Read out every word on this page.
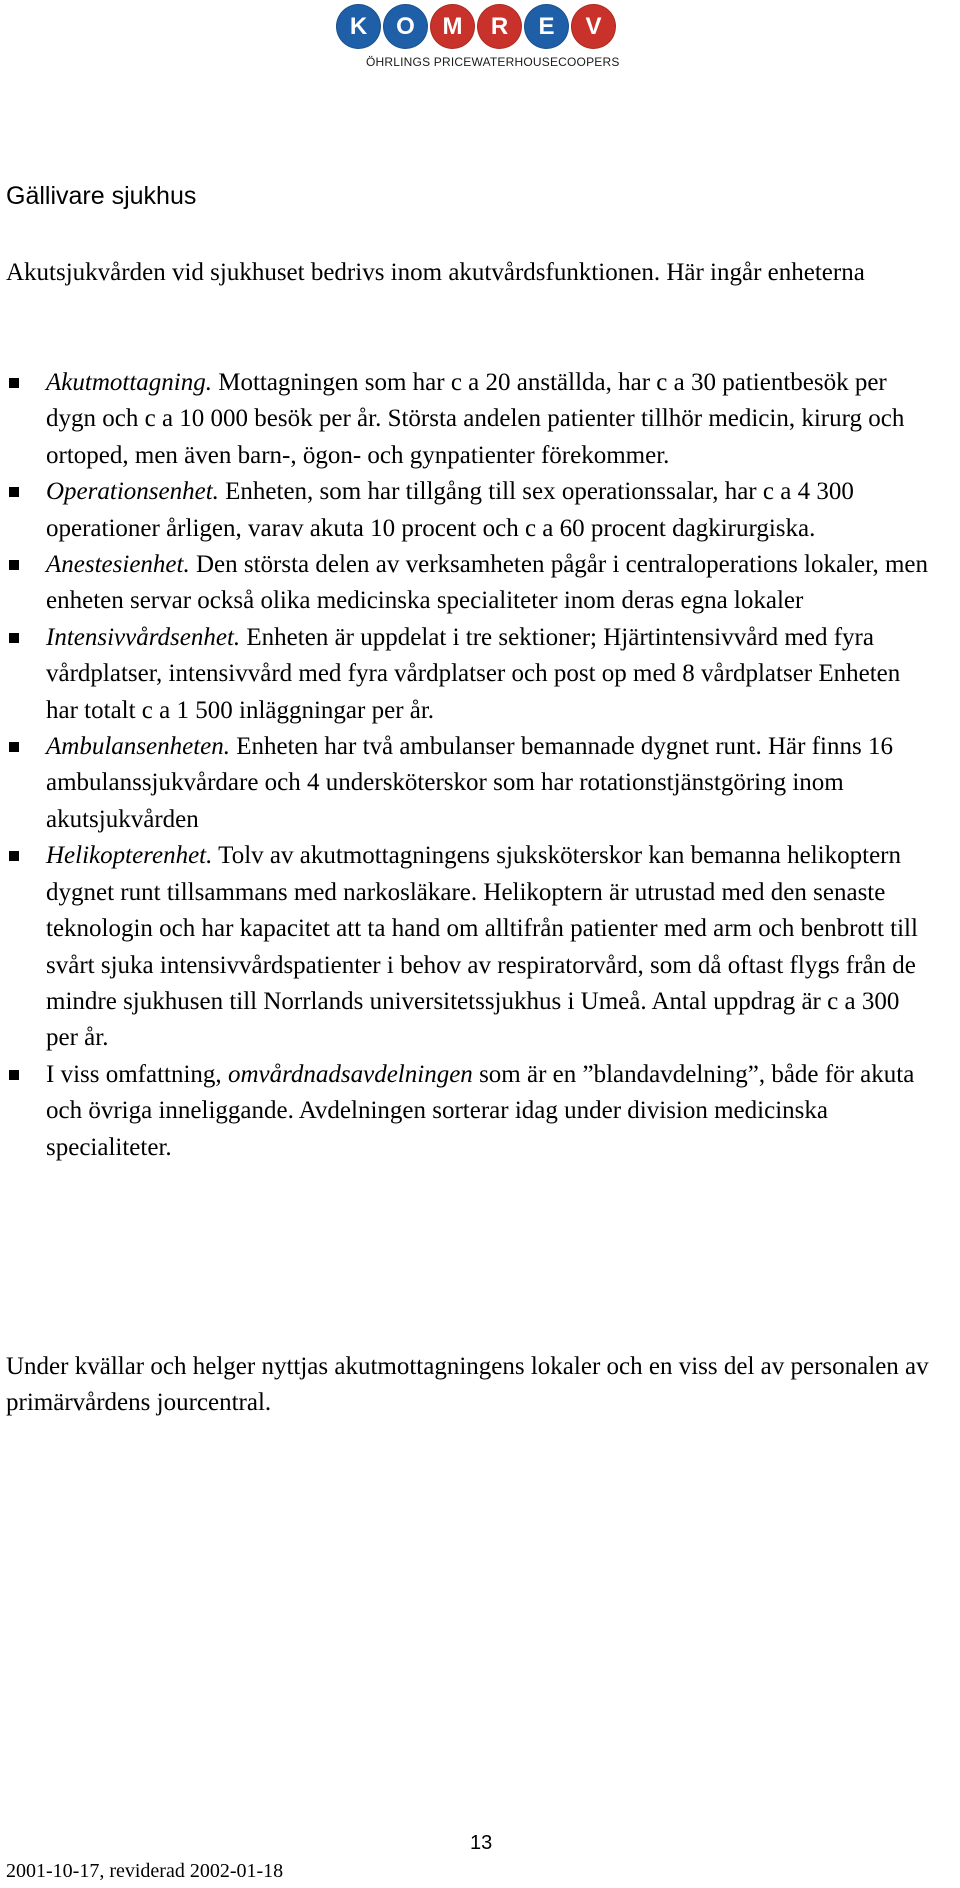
K	O	M	R	E	V
ÖHRLINGS PRICEWATERHOUSECOOPERS
Gällivare sjukhus

Akutsjukvården vid sjukhuset bedrivs inom akutvårdsfunktionen. Här ingår enheterna

Akutmottagning. Mottagningen som har c a 20 anställda, har c a 30 patientbesök per dygn och c a 10 000 besök per år. Största andelen patienter tillhör medicin, kirurg och ortoped, men även barn-, ögon- och gynpatienter förekommer.
Operationsenhet. Enheten, som har tillgång till sex operationssalar, har c a 4 300 operationer årligen, varav akuta 10 procent och c a 60 procent dagkirurgiska.
Anestesienhet. Den största delen av verksamheten pågår i centraloperations lokaler, men enheten servar också olika medicinska specialiteter inom deras egna lokaler
Intensivvårdsenhet. Enheten är uppdelat i tre sektioner; Hjärtintensivvård med fyra vårdplatser, intensivvård med fyra vårdplatser och post op med 8 vårdplatser Enheten har totalt c a 1 500 inläggningar per år.
Ambulansenheten. Enheten har två ambulanser bemannade dygnet runt. Här finns 16 ambulanssjukvårdare och 4 undersköterskor som har rotationstjänstgöring inom akutsjukvården
Helikopterenhet. Tolv av akutmottagningens sjuksköterskor kan bemanna helikoptern dygnet runt tillsammans med narkosläkare. Helikoptern är utrustad med den senaste teknologin och har kapacitet att ta hand om alltifrån patienter med arm och benbrott till svårt sjuka intensivvårdspatienter i behov av respiratorvård, som då oftast flygs från de mindre sjukhusen till Norrlands universitetssjukhus i Umeå. Antal uppdrag är c a 300 per år.
I viss omfattning, omvårdnadsavdelningen som är en ”blandavdelning”, både för akuta och övriga inneliggande. Avdelningen sorterar idag under division medicinska specialiteter.

Under kvällar och helger nyttjas akutmottagningens lokaler och en viss del av personalen av primärvårdens jourcentral.

13
2001-10-17, reviderad 2002-01-18
